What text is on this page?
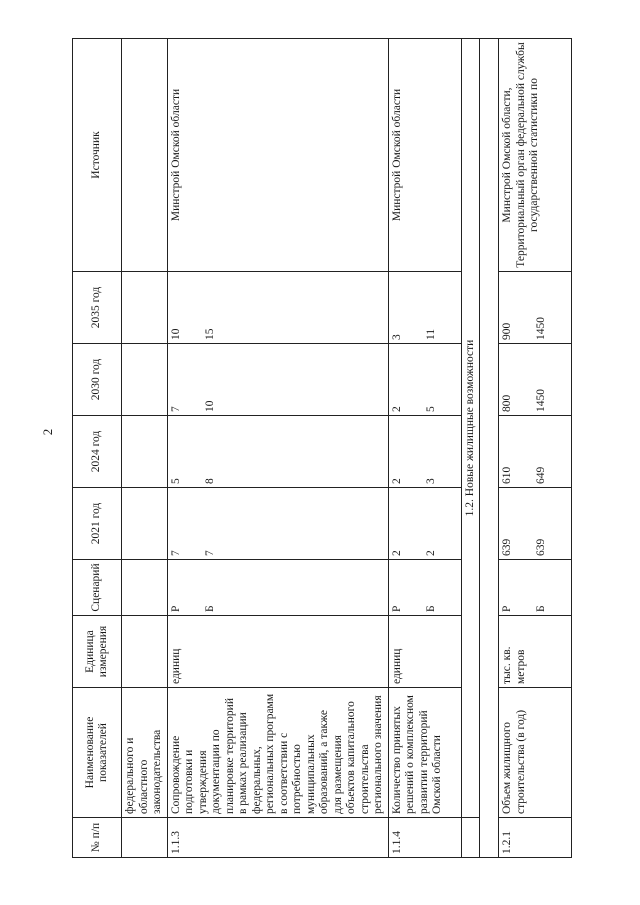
2
№ п/п	Наименование показателей	Единица измерения	Сценарий	2021 год	2024 год	2030 год	2035 год	Источник
	федерального и областного законодательства							
1.1.3	Сопровождение подготовки и утверждения документации по планировке территорий в рамках реализации федеральных, региональных программ в соответствии с потребностью муниципальных образований, а также для размещения объектов капитального строительства регионального значения	единиц	Р Б	7 7	5 8	7 10	10 15	Минстрой Омской области
1.1.4	Количество принятых решений о комплексном развитии территорий Омской области	единиц	Р Б	2 2	2 3	2 5	3 11	Минстрой Омской области
	1.2. Новые жилищные возможности							

1.2.1	Объем жилищного строительства (в год)	тыс. кв. метров	Р Б	639 639	610 649	800 1450	900 1450	Минстрой Омской области, Территориальный орган федеральной службы государственной статистики по
